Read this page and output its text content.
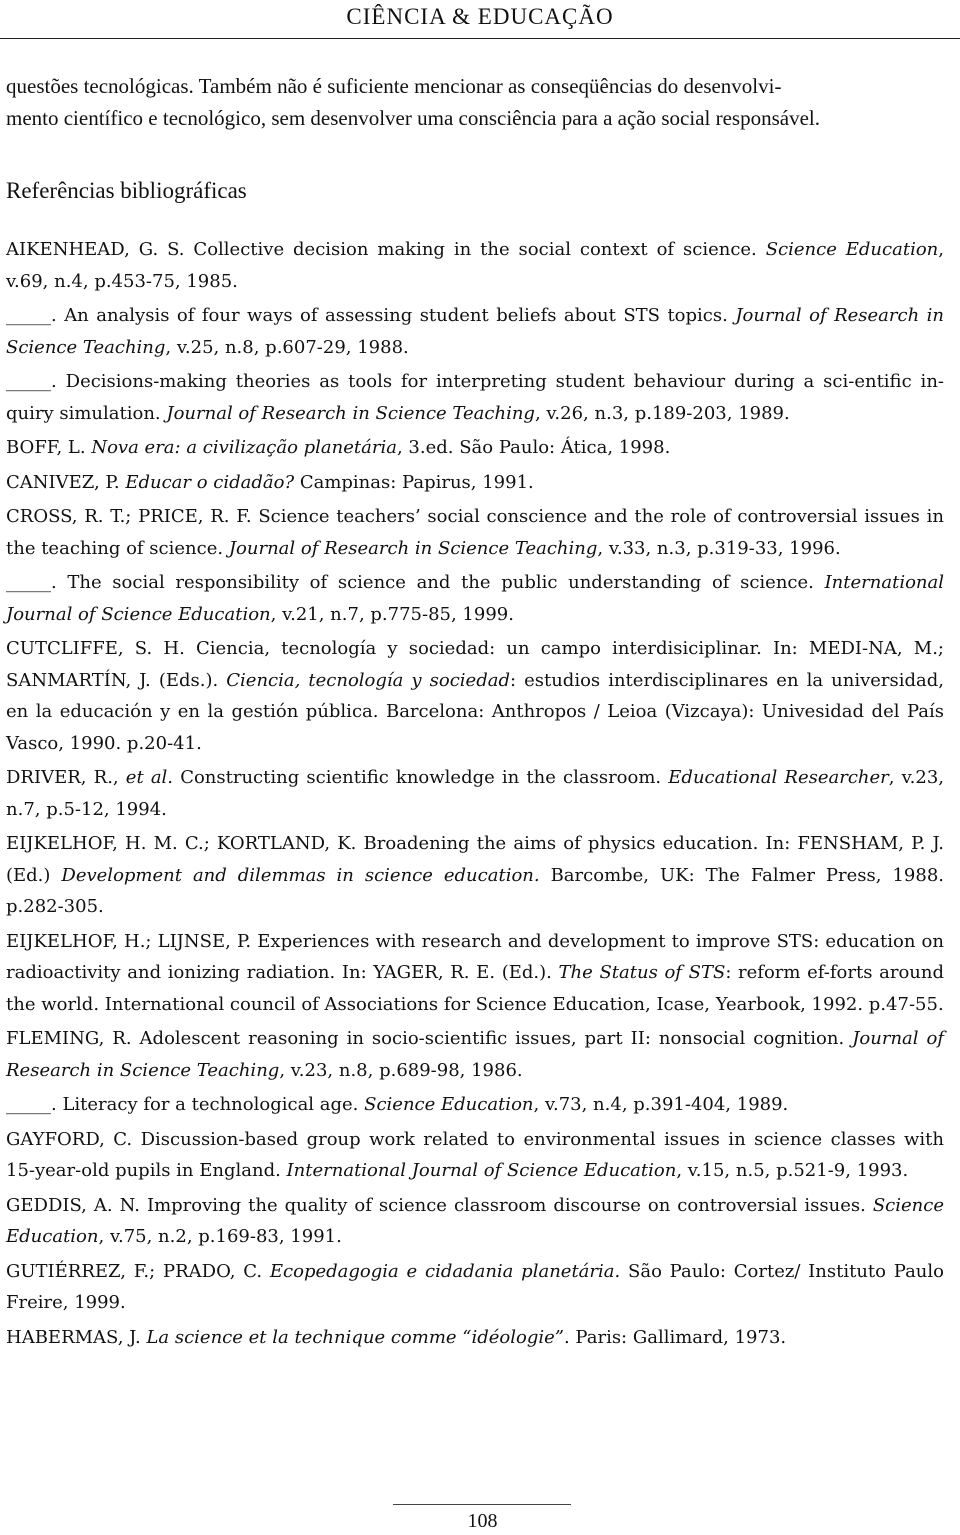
CIÊNCIA & EDUCAÇÃO
questões tecnológicas. Também não é suficiente mencionar as conseqüências do desenvolvi-
mento científico e tecnológico, sem desenvolver uma consciência para a ação social responsável.
Referências bibliográficas

AIKENHEAD, G. S. Collective decision making in the social context of science. Science Education, v.69, n.4, p.453-75, 1985.

_____. An analysis of four ways of assessing student beliefs about STS topics. Journal of Research in Science Teaching, v.25, n.8, p.607-29, 1988.

_____. Decisions-making theories as tools for interpreting student behaviour during a sci-entific in-quiry simulation. Journal of Research in Science Teaching, v.26, n.3, p.189-203, 1989.

BOFF, L. Nova era: a civilização planetária, 3.ed. São Paulo: Ática, 1998.

CANIVEZ, P. Educar o cidadão? Campinas: Papirus, 1991.

CROSS, R. T.; PRICE, R. F. Science teachers’ social conscience and the role of controversial issues in the teaching of science. Journal of Research in Science Teaching, v.33, n.3, p.319-33, 1996.

_____. The social responsibility of science and the public understanding of science. International Journal of Science Education, v.21, n.7, p.775-85, 1999.

CUTCLIFFE, S. H. Ciencia, tecnología y sociedad: un campo interdisiciplinar. In: MEDI-NA, M.; SANMARTÍN, J. (Eds.). Ciencia, tecnología y sociedad: estudios interdisciplinares en la universidad, en la educación y en la gestión pública. Barcelona: Anthropos / Leioa (Vizcaya): Univesidad del País Vasco, 1990. p.20-41.

DRIVER, R., et al. Constructing scientific knowledge in the classroom. Educational Researcher, v.23, n.7, p.5-12, 1994.

EIJKELHOF, H. M. C.; KORTLAND, K. Broadening the aims of physics education. In: FENSHAM, P. J. (Ed.) Development and dilemmas in science education. Barcombe, UK: The Falmer Press, 1988. p.282-305.

EIJKELHOF, H.; LIJNSE, P. Experiences with research and development to improve STS: education on radioactivity and ionizing radiation. In: YAGER, R. E. (Ed.). The Status of STS: reform ef-forts around the world. International council of Associations for Science Education, Icase, Yearbook, 1992. p.47-55.

FLEMING, R. Adolescent reasoning in socio-scientific issues, part II: nonsocial cognition. Journal of Research in Science Teaching, v.23, n.8, p.689-98, 1986.

_____. Literacy for a technological age. Science Education, v.73, n.4, p.391-404, 1989.

GAYFORD, C. Discussion-based group work related to environmental issues in science classes with 15-year-old pupils in England. International Journal of Science Education, v.15, n.5, p.521-9, 1993.

GEDDIS, A. N. Improving the quality of science classroom discourse on controversial issues. Science Education, v.75, n.2, p.169-83, 1991.

GUTIÉRREZ, F.; PRADO, C. Ecopedagogia e cidadania planetária. São Paulo: Cortez/ Instituto Paulo Freire, 1999.

HABERMAS, J. La science et la technique comme “idéologie”. Paris: Gallimard, 1973.

108
